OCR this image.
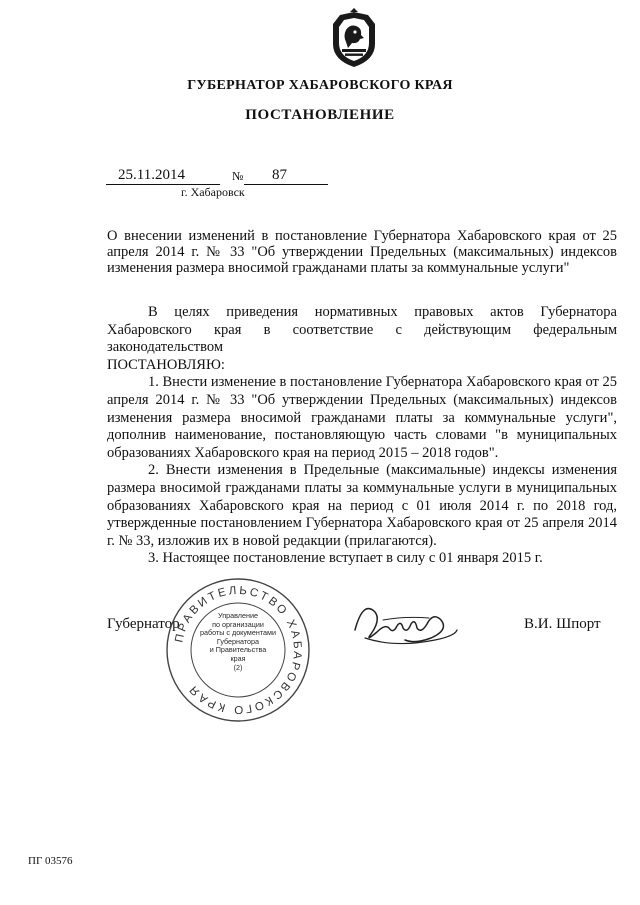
ГУБЕРНАТОР ХАБАРОВСКОГО КРАЯ
ПОСТАНОВЛЕНИЕ
25.11.2014	№ 87
г. Хабаровск
О внесении изменений в постановление Губернатора Хабаровского края от 25 апреля 2014 г. № 33 "Об утверждении Предельных (максимальных) индексов изменения размера вносимой гражданами платы за коммунальные услуги"

В целях приведения нормативных правовых актов Губернатора Хабаровского края в соответствие с действующим федеральным законодательством

ПОСТАНОВЛЯЮ:

1. Внести изменение в постановление Губернатора Хабаровского края от 25 апреля 2014 г. № 33 "Об утверждении Предельных (максимальных) индексов изменения размера вносимой гражданами платы за коммунальные услуги", дополнив наименование, постановляющую часть словами "в муниципальных образованиях Хабаровского края на период 2015 – 2018 годов".

2. Внести изменения в Предельные (максимальные) индексы изменения размера вносимой гражданами платы за коммунальные услуги в муниципальных образованиях Хабаровского края на период с 01 июля 2014 г. по 2018 год, утвержденные постановлением Губернатора Хабаровского края от 25 апреля 2014 г. № 33, изложив их в новой редакции (прилагаются).

3. Настоящее постановление вступает в силу с 01 января 2015 г.

Губернатор	В.И. Шпорт
ПРАВИТЕЛЬСТВО ХАБАРОВСКОГО КРАЯ
Управление
по организации
работы с документами
Губернатора
и Правительства
края
(2)
ПГ 03576
